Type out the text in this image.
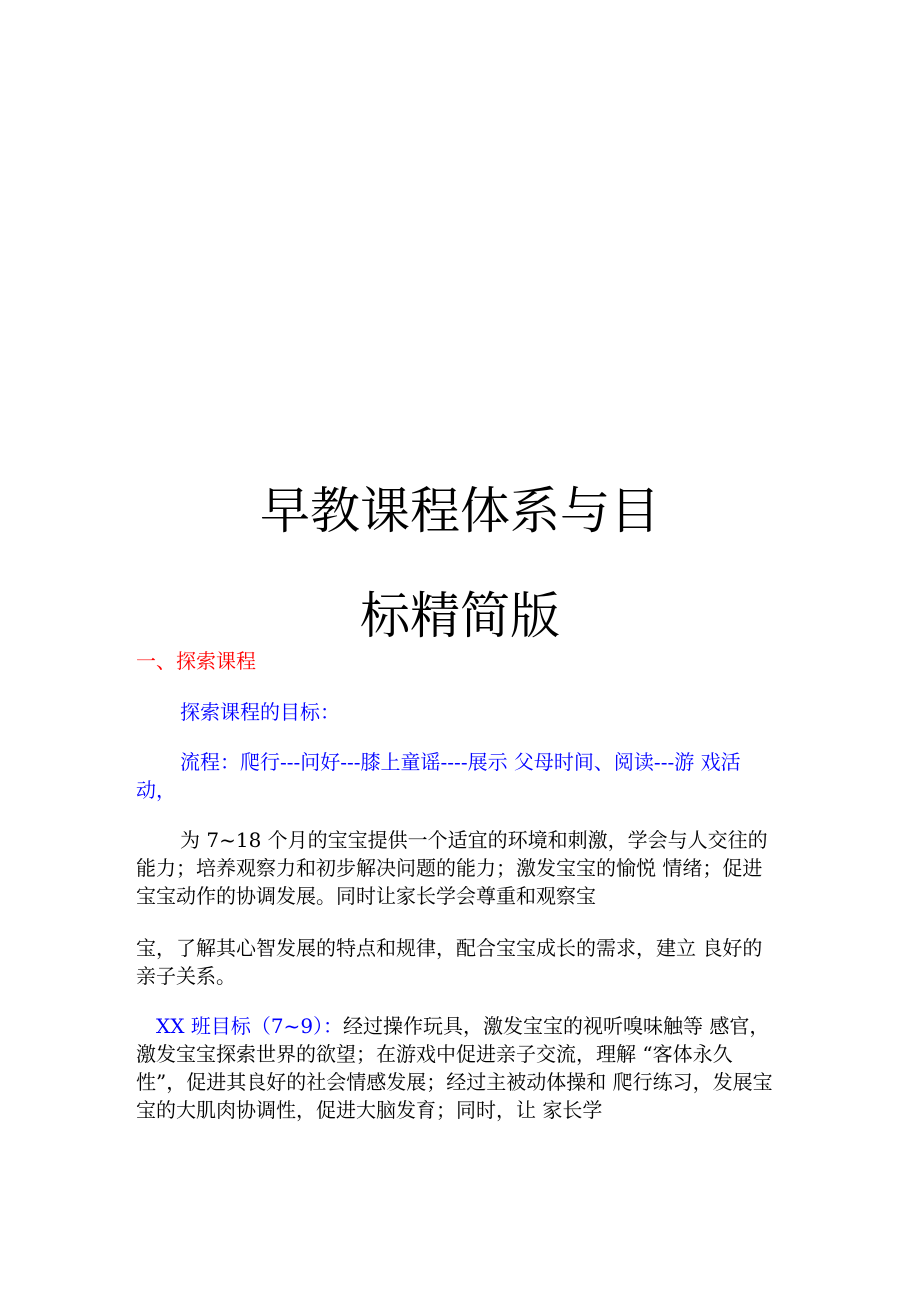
早教课程体系与目
标精简版

一、探索课程

探索课程的目标：

流程：爬行---问好---膝上童谣----展示 父母时间、阅读---游 戏活动，

为 7~18 个月的宝宝提供一个适宜的环境和刺激，学会与人交往的能力；培养观察力和初步解决问题的能力；激发宝宝的愉悦 情绪；促进宝宝动作的协调发展。同时让家长学会尊重和观察宝

宝，了解其心智发展的特点和规律，配合宝宝成长的需求，建立 良好的亲子关系。

XX 班目标（7~9）：经过操作玩具，激发宝宝的视听嗅味触等 感官，激发宝宝探索世界的欲望；在游戏中促进亲子交流，理解 “客体永久性”，促进其良好的社会情感发展；经过主被动体操和 爬行练习，发展宝宝的大肌肉协调性，促进大脑发育；同时，让 家长学
